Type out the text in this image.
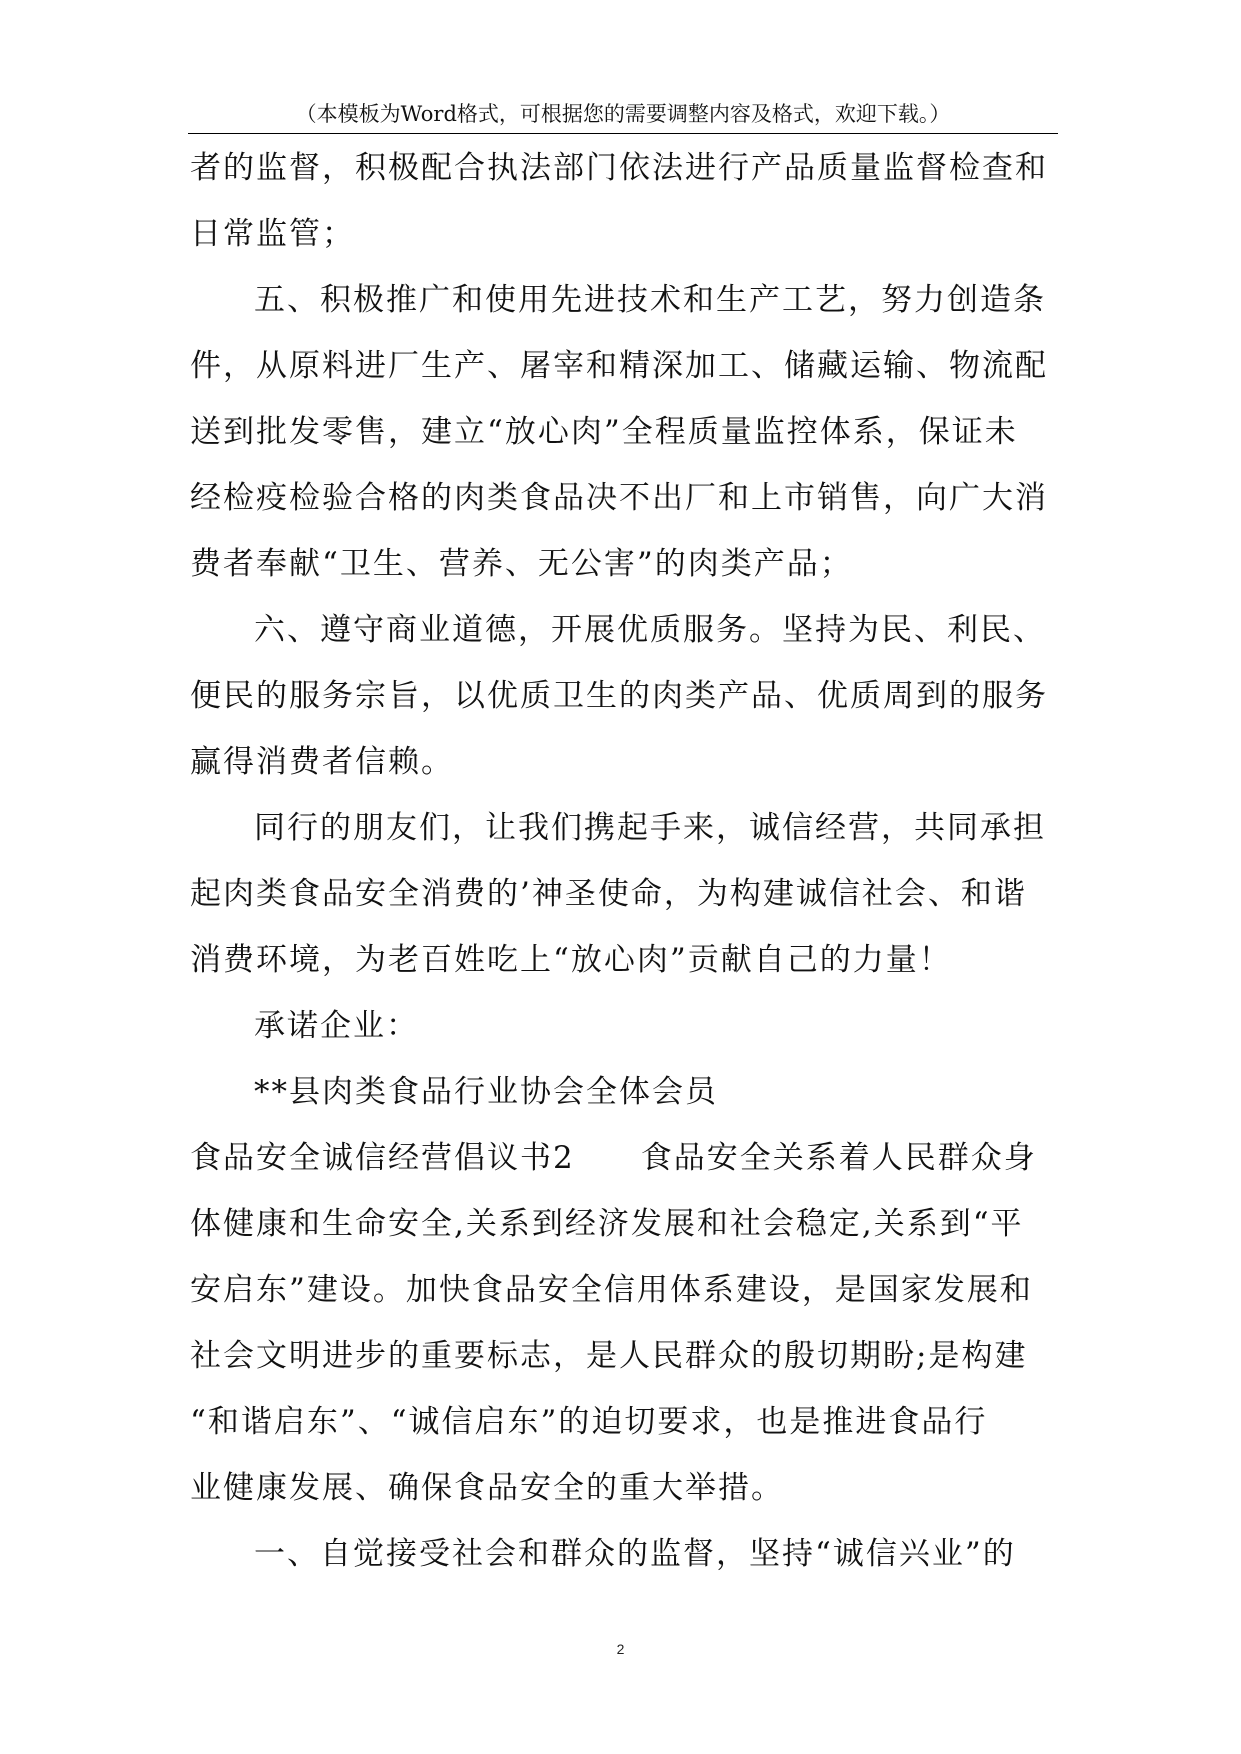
（本模板为Word格式，可根据您的需要调整内容及格式，欢迎下载。）
者的监督，积极配合执法部门依法进行产品质量监督检查和
日常监管；
五、积极推广和使用先进技术和生产工艺，努力创造条
件，从原料进厂生产、屠宰和精深加工、储藏运输、物流配
送到批发零售，建立“放心肉”全程质量监控体系，保证未
经检疫检验合格的肉类食品决不出厂和上市销售，向广大消
费者奉献“卫生、营养、无公害”的肉类产品；
六、遵守商业道德，开展优质服务。坚持为民、利民、
便民的服务宗旨，以优质卫生的肉类产品、优质周到的服务
赢得消费者信赖。
同行的朋友们，让我们携起手来，诚信经营，共同承担
起肉类食品安全消费的’神圣使命，为构建诚信社会、和谐
消费环境，为老百姓吃上“放心肉”贡献自己的力量！
承诺企业：
**县肉类食品行业协会全体会员
食品安全诚信经营倡议书2　　食品安全关系着人民群众身
体健康和生命安全,关系到经济发展和社会稳定,关系到“平
安启东”建设。加快食品安全信用体系建设，是国家发展和
社会文明进步的重要标志，是人民群众的殷切期盼;是构建
“和谐启东”、“诚信启东”的迫切要求，也是推进食品行
业健康发展、确保食品安全的重大举措。
一、自觉接受社会和群众的监督，坚持“诚信兴业”的
2
